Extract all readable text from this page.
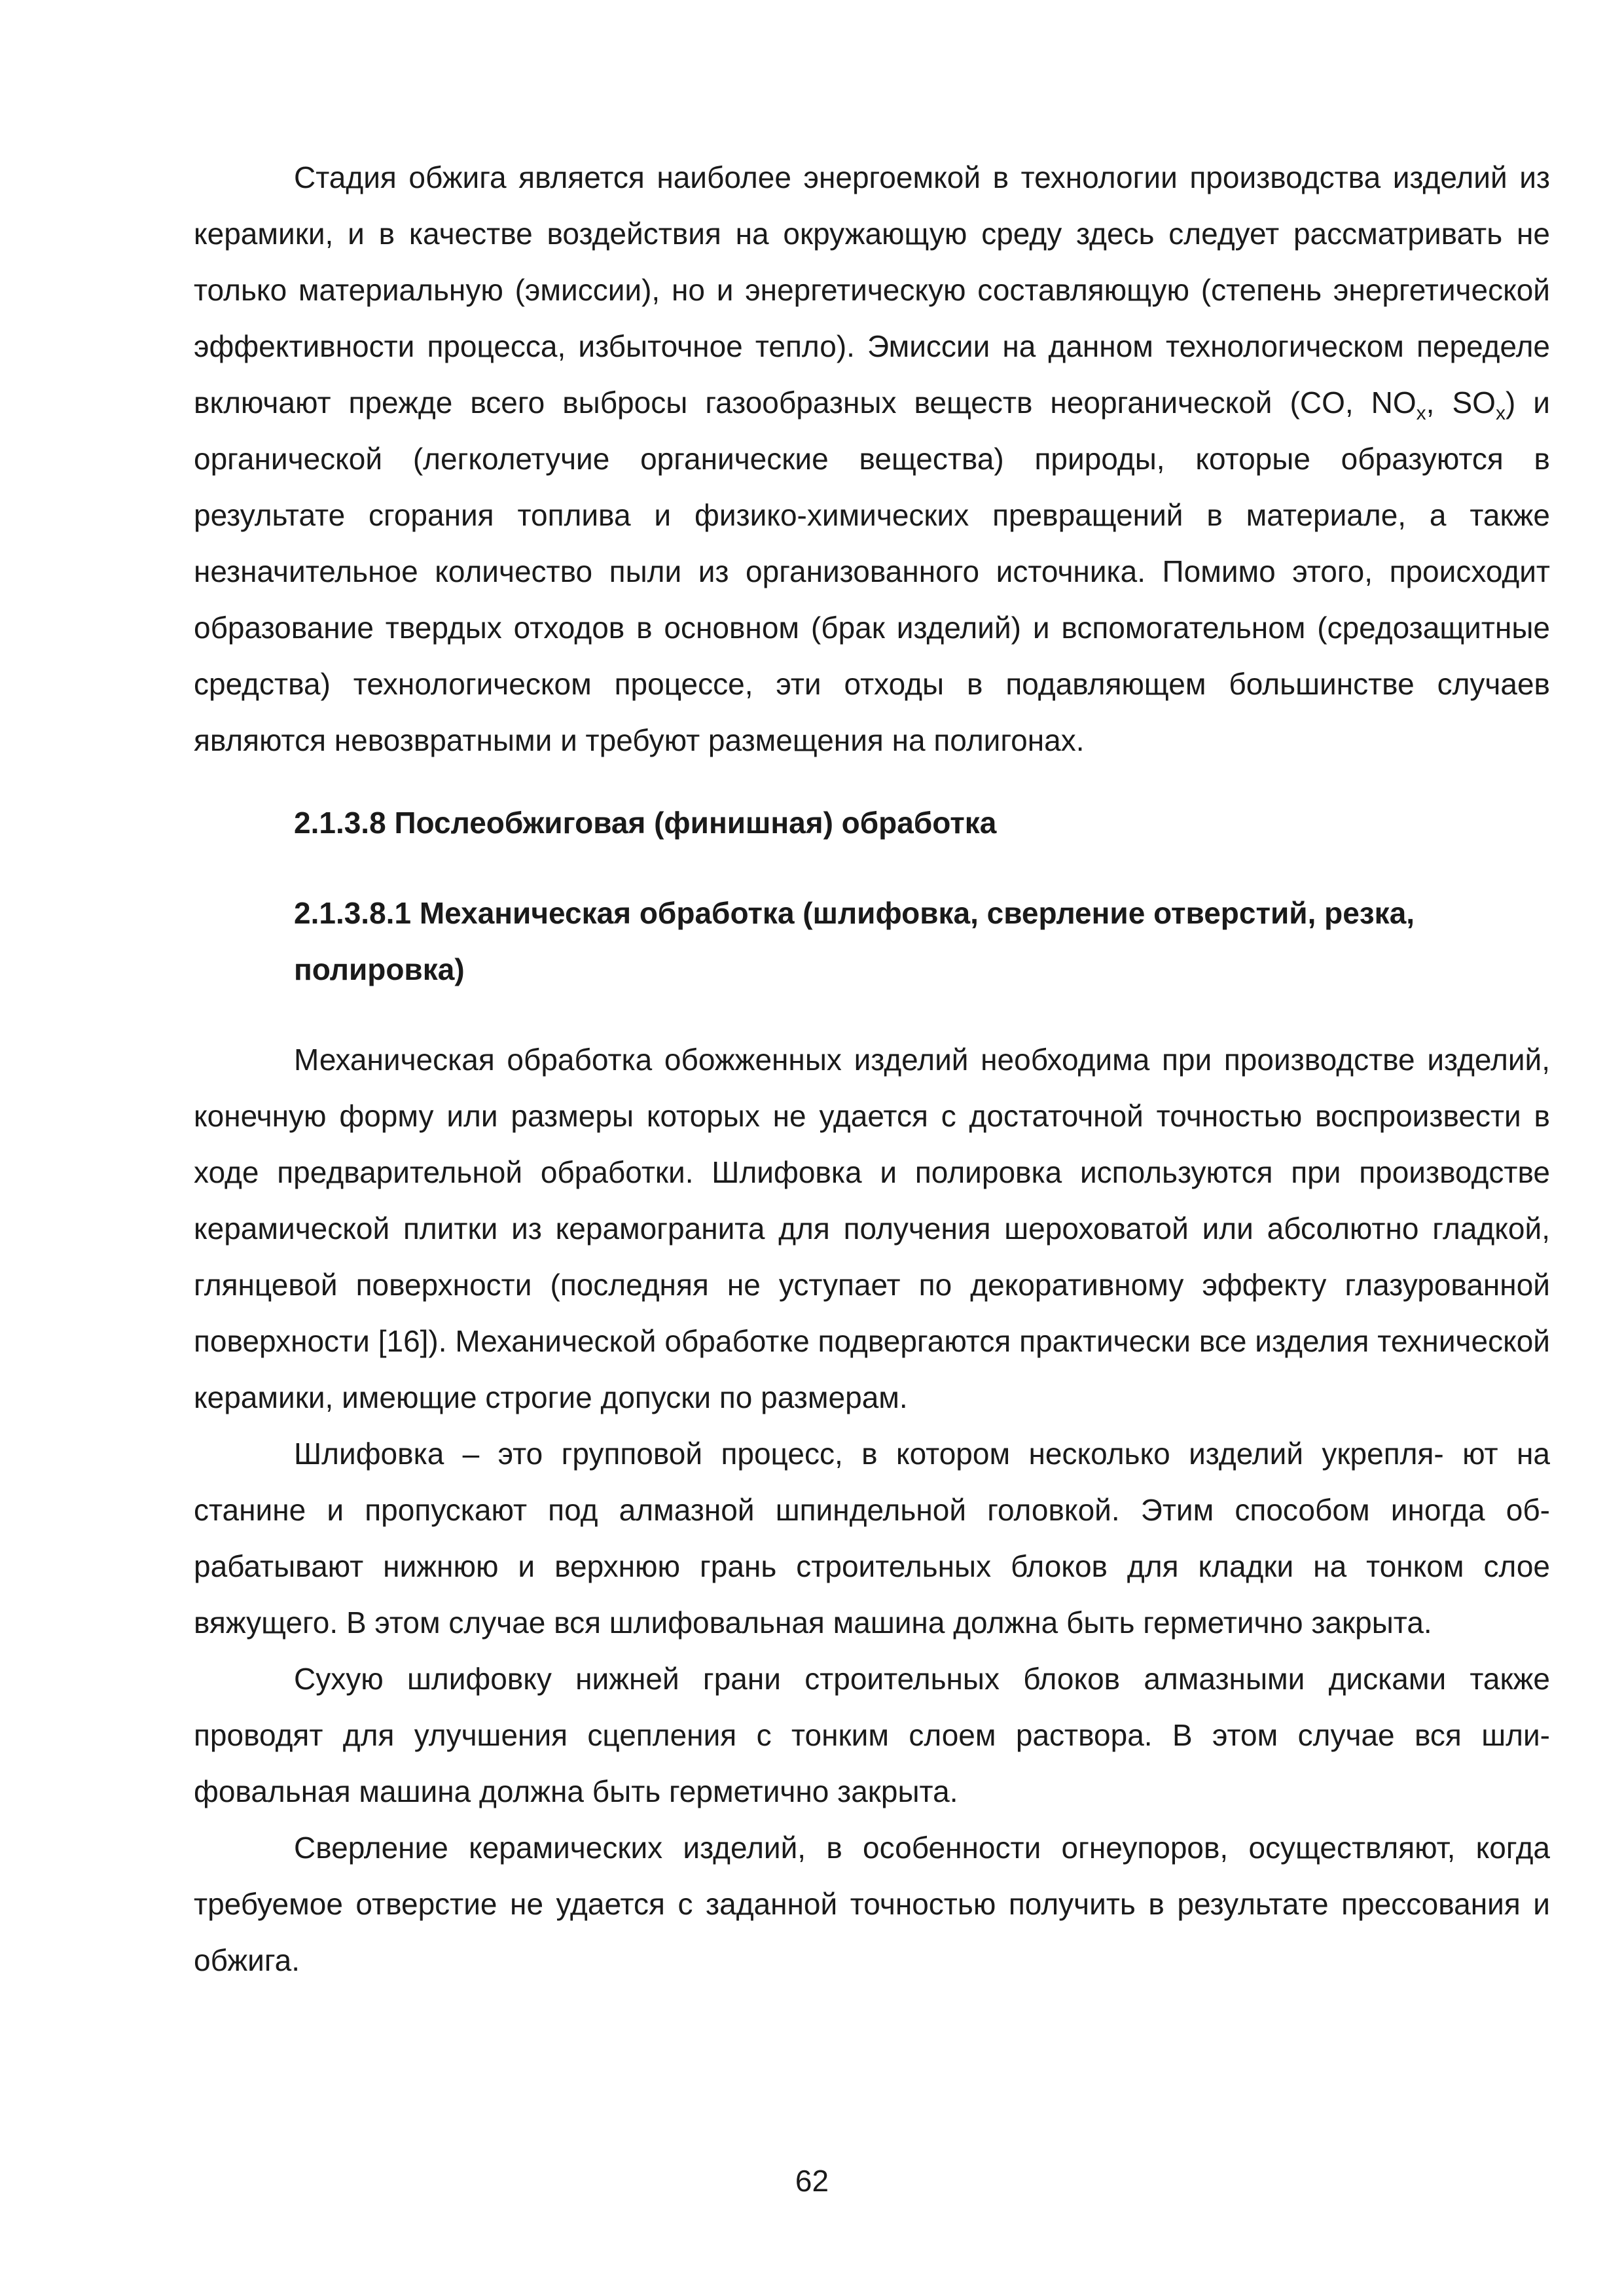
Стадия обжига является наиболее энергоемкой в технологии производства изделий из керамики, и в качестве воздействия на окружающую среду здесь следует рассматривать не только материальную (эмиссии), но и энергетическую составляющую (степень энергетической эффективности процесса, избыточное тепло). Эмиссии на данном технологическом переделе включают прежде всего выбросы газообразных веществ неорганической (CO, $NO_x$, $SO_x$) и органической (легколетучие органические вещества) природы, которые образуются в результате сгорания топлива и физико-химических превращений в материале, а также незначительное количество пыли из организованного источника. Помимо этого, происходит образование твердых отходов в основном (брак изделий) и вспомогательном (средозащитные средства) технологическом процессе, эти отходы в подавляющем большинстве случаев являются невозвратными и требуют размещения на полигонах.

2.1.3.8 Послеобжиговая (финишная) обработка
2.1.3.8.1 Механическая обработка (шлифовка, сверление отверстий, резка, полировка)

Механическая обработка обожженных изделий необходима при производстве изделий, конечную форму или размеры которых не удается с достаточной точностью воспроизвести в ходе предварительной обработки. Шлифовка и полировка используются при производстве керамической плитки из керамогранита для получения шероховатой или абсолютно гладкой, глянцевой поверхности (последняя не уступает по декоративному эффекту глазурованной поверхности [16]). Механической обработке подвергаются практически все изделия технической керамики, имеющие строгие допуски по размерам.

Шлифовка – это групповой процесс, в котором несколько изделий укрепля- ют на станине и пропускают под алмазной шпиндельной головкой. Этим способом иногда обрабатывают нижнюю и верхнюю грань строительных блоков для кладки на тонком слое вяжущего. В этом случае вся шлифовальная машина должна быть герметично закрыта.

Сухую шлифовку нижней грани строительных блоков алмазными дисками также проводят для улучшения сцепления с тонким слоем раствора. В этом случае вся шлифовальная машина должна быть герметично закрыта.

Сверление керамических изделий, в особенности огнеупоров, осуществляют, когда требуемое отверстие не удается с заданной точностью получить в результате прессования и обжига.

62
